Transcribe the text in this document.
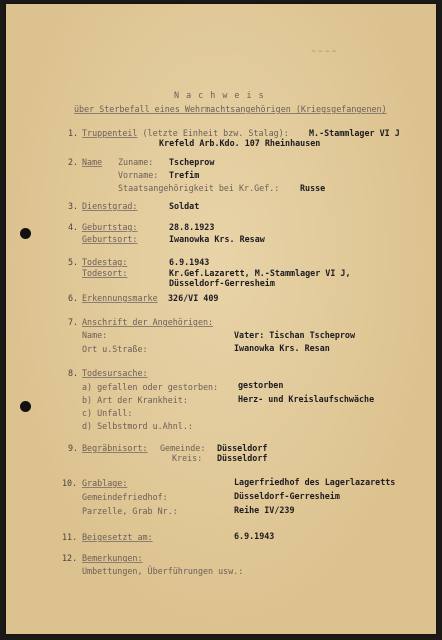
~ ~ ~ ~
N a c h w e i s
über Sterbefall eines Wehrmachtsangehörigen (Kriegsgefangenen)
1. Truppenteil (letzte Einheit bzw. Stalag): M.-Stammlager VI J
Krefeld Arb.Kdo. 107 Rheinhausen
2. Name Zuname: Tscheprow
Vorname: Trefim
Staatsangehörigkeit bei Kr.Gef.: Russe
3. Dienstgrad:	Soldat
4. Geburtstag:	28.8.1923
Geburtsort:	Iwanowka Krs. Resaw
5. Todestag:	6.9.1943
Todesort:	Kr.Gef.Lazarett, M.-Stammlager VI J,
Düsseldorf-Gerresheim
6. Erkennungsmarke 326/VI 409
7. Anschrift der Angehörigen:
Name:	Vater: Tischan Tscheprow
Ort u.Straße:	Iwanowka Krs. Resan
8. Todesursache:
a) gefallen oder gestorben: gestorben
b) Art der Krankheit:	Herz- und Kreislaufschwäche
c) Unfall:
d) Selbstmord u.Ahnl.:
9. Begräbnisort: Gemeinde: Düsseldorf
Kreis: Düsseldorf
10. Grablage:	Lagerfriedhof des Lagerlazaretts
Gemeindefriedhof:	Düsseldorf-Gerresheim
Parzelle, Grab Nr.:	Reihe IV/239
11. Beigesetzt am:	6.9.1943
12. Bemerkungen:
Umbettungen, Überführungen usw.:
